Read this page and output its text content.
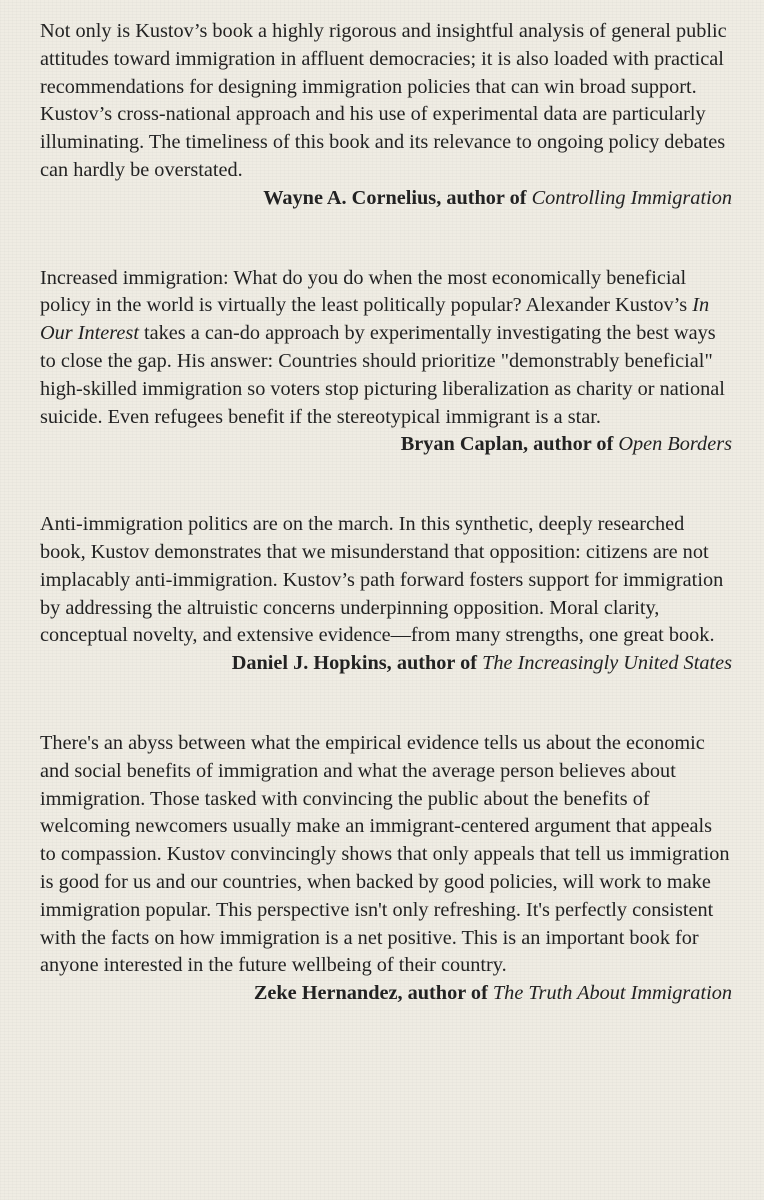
Not only is Kustov’s book a highly rigorous and insightful analysis of general public attitudes toward immigration in affluent democracies; it is also loaded with practical recommendations for designing immigration policies that can win broad support. Kustov’s cross-national approach and his use of experimental data are particularly illuminating. The timeliness of this book and its relevance to ongoing policy debates can hardly be overstated.

Wayne A. Cornelius, author of Controlling Immigration

Increased immigration: What do you do when the most economically beneficial policy in the world is virtually the least politically popular? Alexander Kustov’s In Our Interest takes a can-do approach by experimentally investigating the best ways to close the gap. His answer: Countries should prioritize "demonstrably beneficial" high-skilled immigration so voters stop picturing liberalization as charity or national suicide. Even refugees benefit if the stereotypical immigrant is a star.

Bryan Caplan, author of Open Borders

Anti-immigration politics are on the march. In this synthetic, deeply researched book, Kustov demonstrates that we misunderstand that opposition: citizens are not implacably anti-immigration. Kustov’s path forward fosters support for immigration by addressing the altruistic concerns underpinning opposition. Moral clarity, conceptual novelty, and extensive evidence—from many strengths, one great book.

Daniel J. Hopkins, author of The Increasingly United States

There's an abyss between what the empirical evidence tells us about the economic and social benefits of immigration and what the average person believes about immigration. Those tasked with convincing the public about the benefits of welcoming newcomers usually make an immigrant-centered argument that appeals to compassion. Kustov convincingly shows that only appeals that tell us immigration is good for us and our countries, when backed by good policies, will work to make immigration popular. This perspective isn't only refreshing. It's perfectly consistent with the facts on how immigration is a net positive. This is an important book for anyone interested in the future wellbeing of their country.

Zeke Hernandez, author of The Truth About Immigration
